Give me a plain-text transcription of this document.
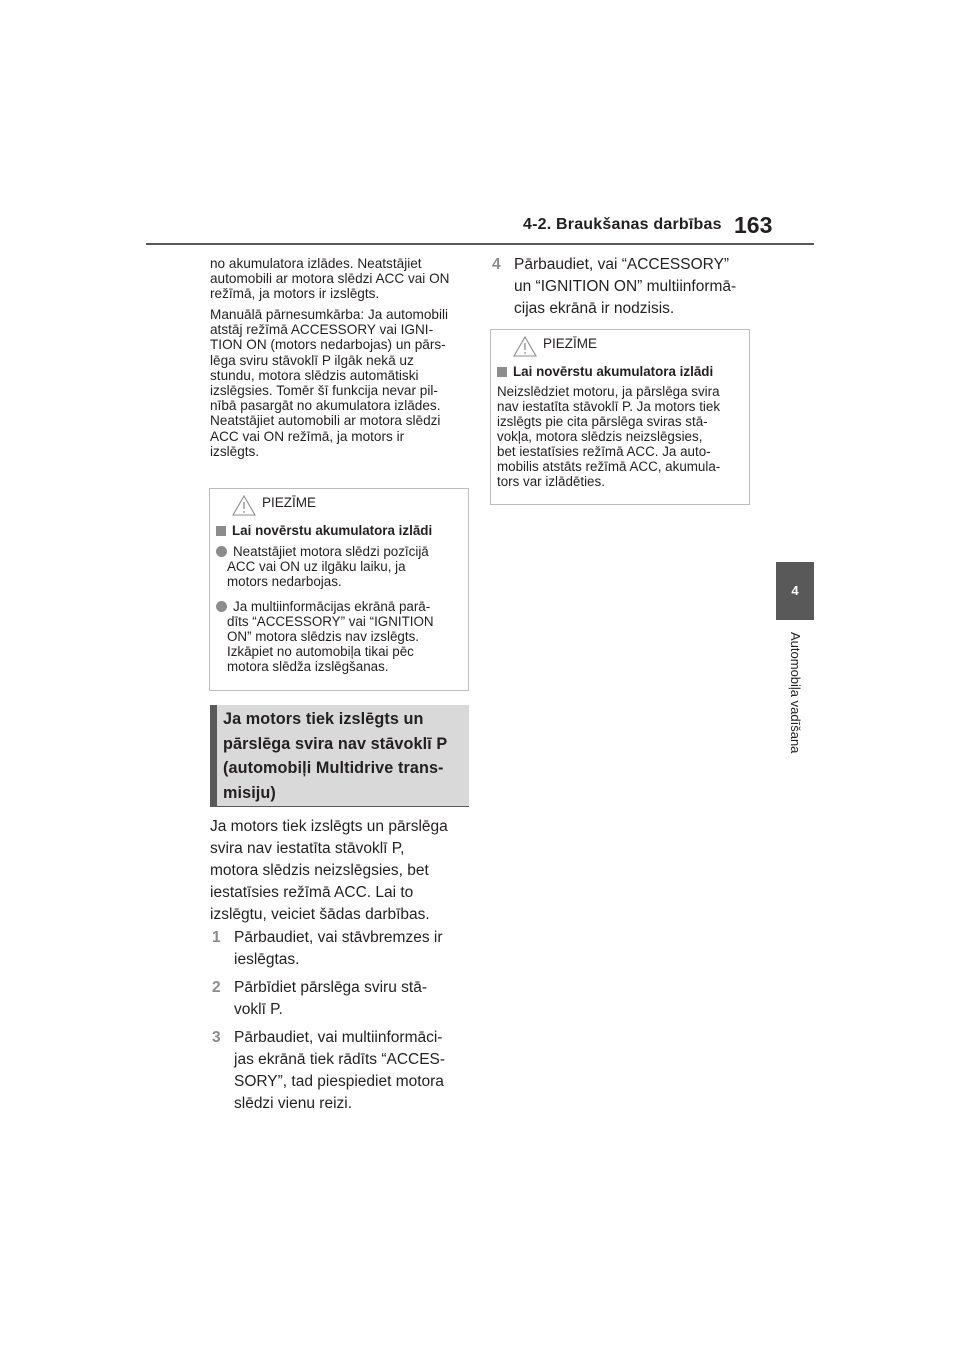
4-2. Braukšanas darbības 163
4
Automobiļa vadīšana
no akumulatora izlādes. Neatstājiet
automobili ar motora slēdzi ACC vai ON
režīmā, ja motors ir izslēgts.
Manuālā pārnesumkārba: Ja automobili
atstāj režīmā ACCESSORY vai IGNI-
TION ON (motors nedarbojas) un pārs-
lēga sviru stāvoklī P ilgāk nekā uz
stundu, motora slēdzis automātiski
izslēgsies. Tomēr šī funkcija nevar pil-
nībā pasargāt no akumulatora izlādes.
Neatstājiet automobili ar motora slēdzi
ACC vai ON režīmā, ja motors ir
izslēgts.
PIEZĪME
Lai novērstu akumulatora izlādi
Neatstājiet motora slēdzi pozīcijā
ACC vai ON uz ilgāku laiku, ja
motors nedarbojas.
Ja multiinformācijas ekrānā parā-
dīts “ACCESSORY” vai “IGNITION
ON” motora slēdzis nav izslēgts.
Izkāpiet no automobiļa tikai pēc
motora slēdža izslēgšanas.
Ja motors tiek izslēgts un
pārslēga svira nav stāvoklī P
(automobiļi Multidrive trans-
misiju)
Ja motors tiek izslēgts un pārslēga
svira nav iestatīta stāvoklī P,
motora slēdzis neizslēgsies, bet
iestatīsies režīmā ACC. Lai to
izslēgtu, veiciet šādas darbības.
1 Pārbaudiet, vai stāvbremzes ir
ieslēgtas.
2 Pārbīdiet pārslēga sviru stā-
voklī P.
3 Pārbaudiet, vai multiinformāci-
jas ekrānā tiek rādīts “ACCES-
SORY”, tad piespiediet motora
slēdzi vienu reizi.
4 Pārbaudiet, vai “ACCESSORY”
un “IGNITION ON” multiinformā-
cijas ekrānā ir nodzisis.
PIEZĪME
Lai novērstu akumulatora izlādi
Neizslēdziet motoru, ja pārslēga svira
nav iestatīta stāvoklī P. Ja motors tiek
izslēgts pie cita pārslēga sviras stā-
vokļa, motora slēdzis neizslēgsies,
bet iestatīsies režīmā ACC. Ja auto-
mobilis atstāts režīmā ACC, akumula-
tors var izlādēties.
